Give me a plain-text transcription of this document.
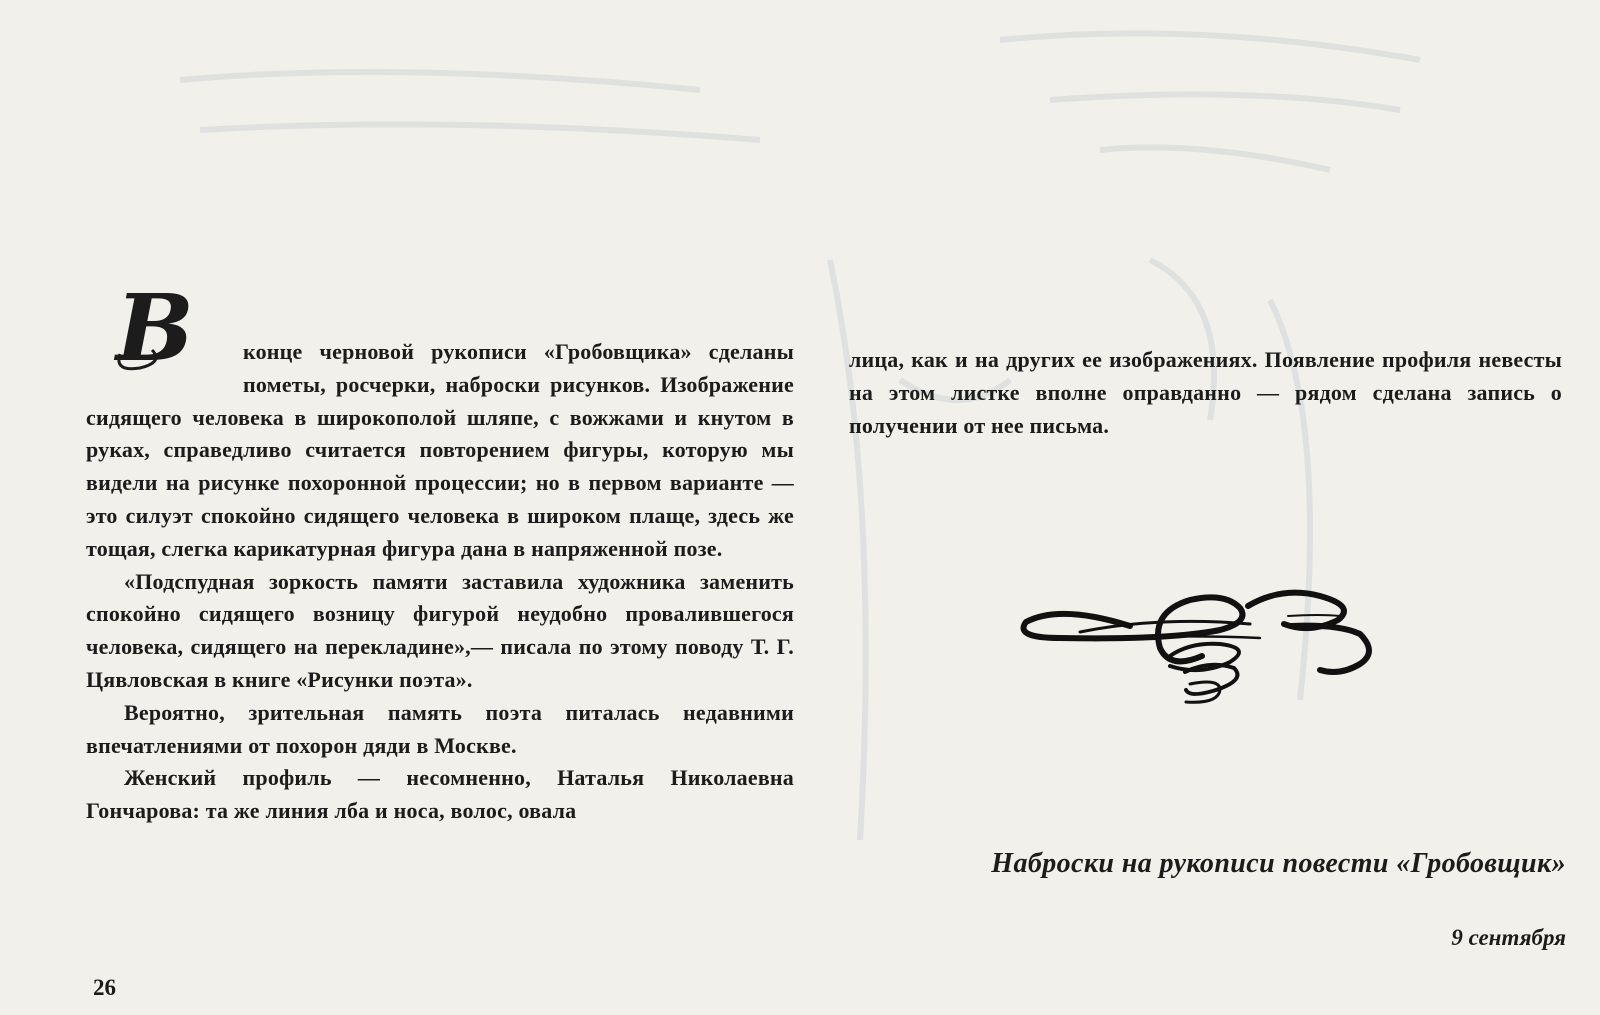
В конце черновой рукописи «Гробовщика» сделаны пометы, росчерки, наброски рисунков. Изображение сидящего человека в широкополой шляпе, с вожжами и кнутом в руках, справедливо считается повторением фигуры, которую мы видели на рисунке похоронной процессии; но в первом варианте — это силуэт спокойно сидящего человека в широком плаще, здесь же тощая, слегка карикатурная фигура дана в напряженной позе.

«Подспудная зоркость памяти заставила художника заменить спокойно сидящего возницу фигурой неудобно провалившегося человека, сидящего на перекладине»,— писала по этому поводу Т. Г. Цявловская в книге «Рисунки поэта».

Вероятно, зрительная память поэта питалась недавними впечатлениями от похорон дяди в Москве.

Женский профиль — несомненно, Наталья Николаевна Гончарова: та же линия лба и носа, волос, овала

лица, как и на других ее изображениях. Появление профиля невесты на этом листке вполне оправданно — рядом сделана запись о получении от нее письма.

Наброски на рукописи повести «Гробовщик»
9 сентября
26
